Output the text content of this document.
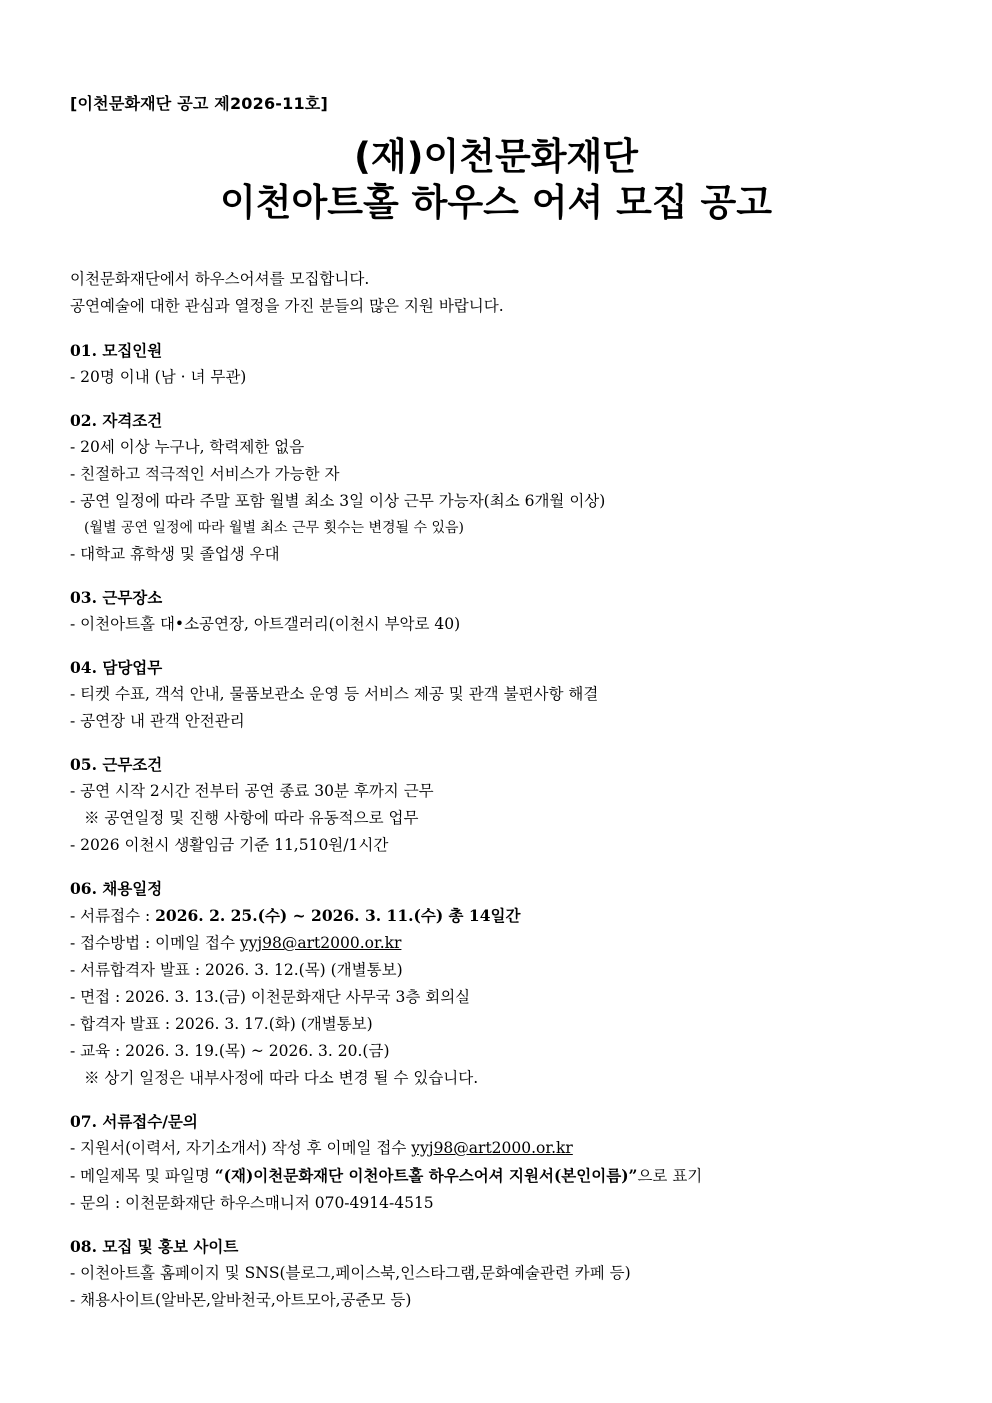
[이천문화재단 공고 제2026-11호]
(재)이천문화재단
이천아트홀 하우스 어셔 모집 공고
이천문화재단에서 하우스어셔를 모집합니다.
공연예술에 대한 관심과 열정을 가진 분들의 많은 지원 바랍니다.
01. 모집인원
- 20명 이내 (남 · 녀 무관)
02. 자격조건
- 20세 이상 누구나, 학력제한 없음
- 친절하고 적극적인 서비스가 가능한 자
- 공연 일정에 따라 주말 포함 월별 최소 3일 이상 근무 가능자(최소 6개월 이상)
(월별 공연 일정에 따라 월별 최소 근무 횟수는 변경될 수 있음)
- 대학교 휴학생 및 졸업생 우대
03. 근무장소
- 이천아트홀 대•소공연장, 아트갤러리(이천시 부악로 40)
04. 담당업무
- 티켓 수표, 객석 안내, 물품보관소 운영 등 서비스 제공 및 관객 불편사항 해결
- 공연장 내 관객 안전관리
05. 근무조건
- 공연 시작 2시간 전부터 공연 종료 30분 후까지 근무
※ 공연일정 및 진행 사항에 따라 유동적으로 업무
- 2026 이천시 생활임금 기준 11,510원/1시간
06. 채용일정
- 서류접수 : 2026. 2. 25.(수) ~ 2026. 3. 11.(수) 총 14일간
- 접수방법 : 이메일 접수 yyj98@art2000.or.kr
- 서류합격자 발표 : 2026. 3. 12.(목) (개별통보)
- 면접 : 2026. 3. 13.(금) 이천문화재단 사무국 3층 회의실
- 합격자 발표 : 2026. 3. 17.(화) (개별통보)
- 교육 : 2026. 3. 19.(목) ~ 2026. 3. 20.(금)
※ 상기 일정은 내부사정에 따라 다소 변경 될 수 있습니다.
07. 서류접수/문의
- 지원서(이력서, 자기소개서) 작성 후 이메일 접수 yyj98@art2000.or.kr
- 메일제목 및 파일명 “(재)이천문화재단 이천아트홀 하우스어셔 지원서(본인이름)”으로 표기
- 문의 : 이천문화재단 하우스매니저 070-4914-4515
08. 모집 및 홍보 사이트
- 이천아트홀 홈페이지 및 SNS(블로그,페이스북,인스타그램,문화예술관련 카페 등)
- 채용사이트(알바몬,알바천국,아트모아,공준모 등)
